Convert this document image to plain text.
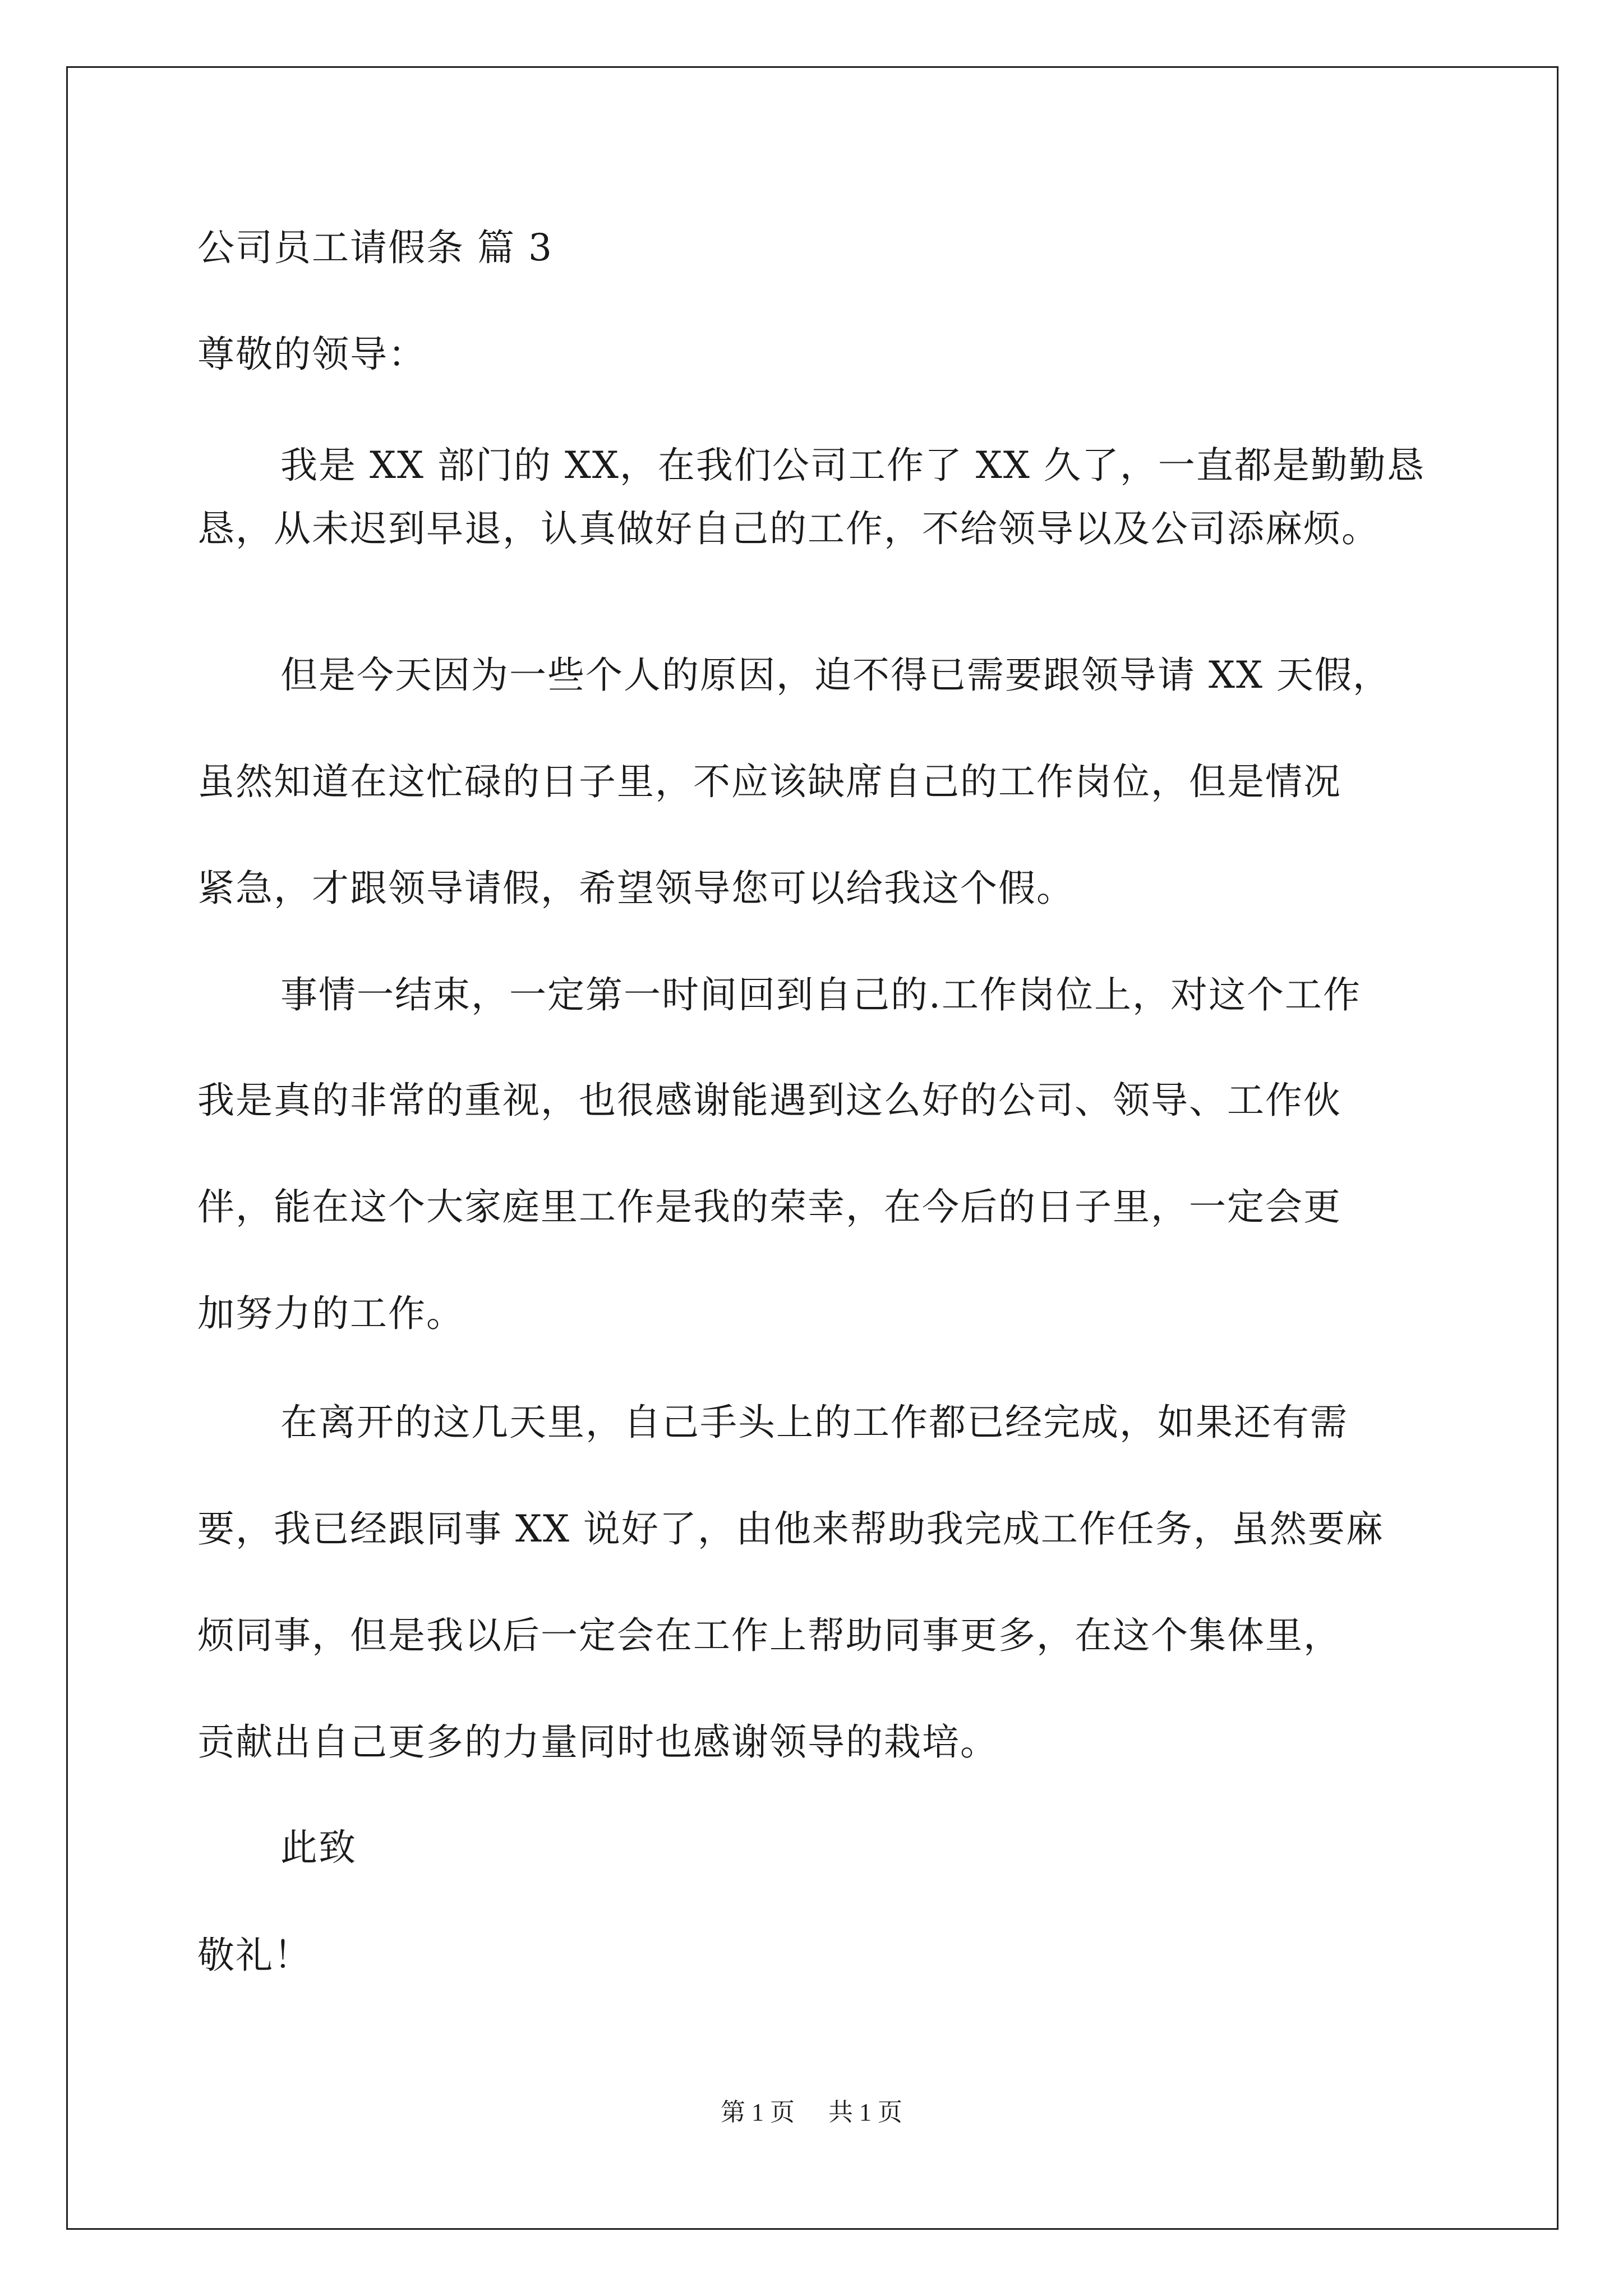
公司员工请假条 篇 3
尊敬的领导：
我是 XX 部门的 XX，在我们公司工作了 XX 久了，一直都是勤勤恳
恳，从未迟到早退，认真做好自己的工作，不给领导以及公司添麻烦。
但是今天因为一些个人的原因，迫不得已需要跟领导请 XX 天假，
虽然知道在这忙碌的日子里，不应该缺席自己的工作岗位，但是情况
紧急，才跟领导请假，希望领导您可以给我这个假。
事情一结束，一定第一时间回到自己的.工作岗位上，对这个工作
我是真的非常的重视，也很感谢能遇到这么好的公司、领导、工作伙
伴，能在这个大家庭里工作是我的荣幸，在今后的日子里，一定会更
加努力的工作。
在离开的这几天里，自己手头上的工作都已经完成，如果还有需
要，我已经跟同事 XX 说好了，由他来帮助我完成工作任务，虽然要麻
烦同事，但是我以后一定会在工作上帮助同事更多，在这个集体里，
贡献出自己更多的力量同时也感谢领导的栽培。
此致
敬礼！
第 1 页 共 1 页
